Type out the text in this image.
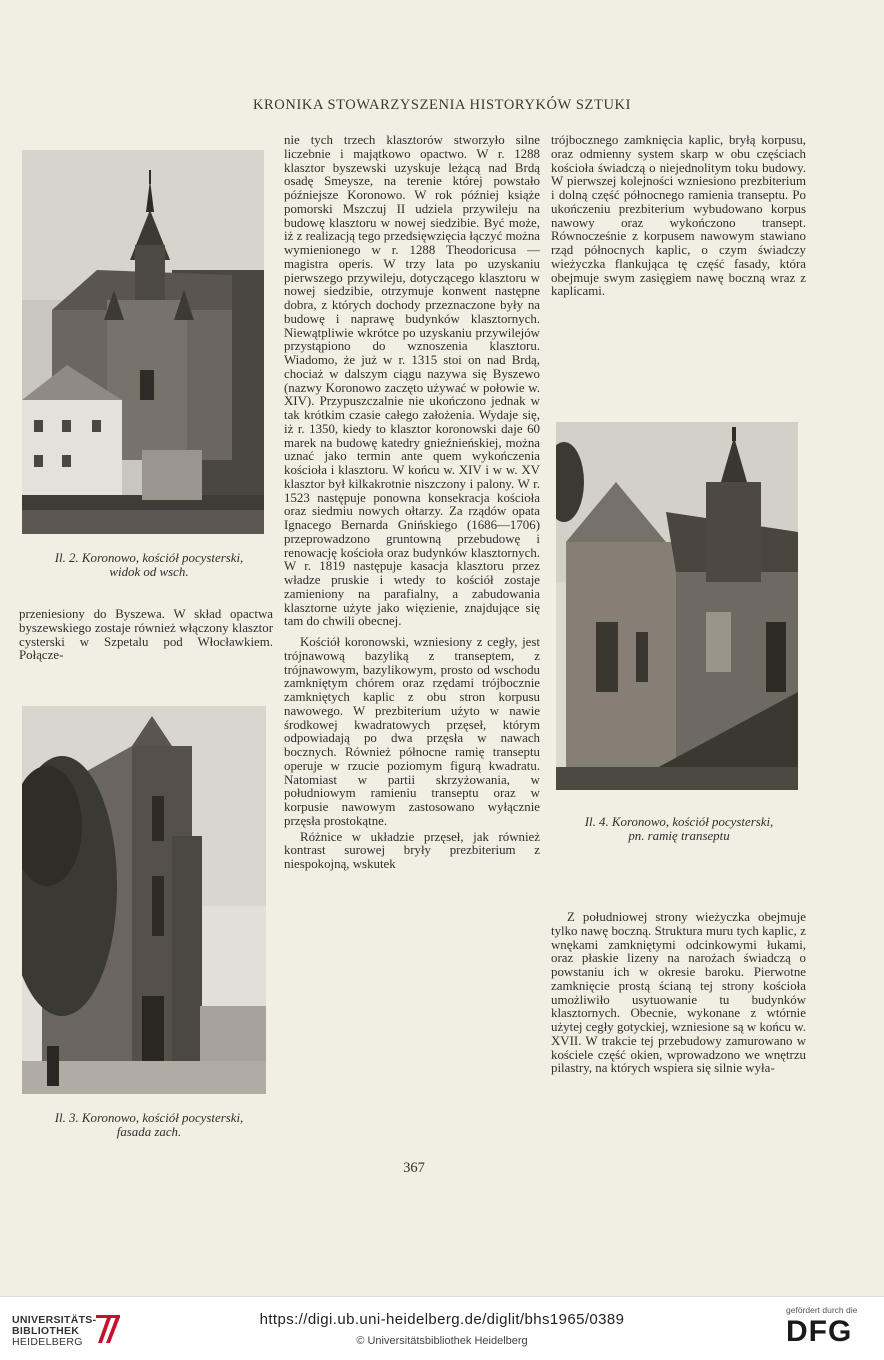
KRONIKA STOWARZYSZENIA HISTORYKÓW SZTUKI
Il. 2. Koronowo, kościół pocysterski,
widok od wsch.

przeniesiony do Byszewa. W skład opactwa byszewskiego zostaje również włączony klasztor cysterski w Szpetalu pod Włocławkiem. Połącze-

Il. 3. Koronowo, kościół pocysterski,
fasada zach.

nie tych trzech klasztorów stworzyło silne liczebnie i majątkowo opactwo. W r. 1288 klasztor byszewski uzyskuje leżącą nad Brdą osadę Smeysze, na terenie której powstało późniejsze Koronowo. W rok później książe pomorski Mszczuj II udziela przywileju na budowę klasztoru w nowej siedzibie. Być może, iż z realizacją tego przedsięwzięcia łączyć można wymienionego w r. 1288 Theodoricusa — magistra operis. W trzy lata po uzyskaniu pierwszego przywileju, dotyczącego klasztoru w nowej siedzibie, otrzymuje konwent następne dobra, z których dochody przeznaczone były na budowę i naprawę budynków klasztornych. Niewątpliwie wkrótce po uzyskaniu przywilejów przystąpiono do wznoszenia klasztoru. Wiadomo, że już w r. 1315 stoi on nad Brdą, chociaż w dalszym ciągu nazywa się Byszewo (nazwy Koronowo zaczęto używać w połowie w. XIV). Przypuszczalnie nie ukończono jednak w tak krótkim czasie całego założenia. Wydaje się, iż r. 1350, kiedy to klasztor koronowski daje 60 marek na budowę katedry gnieźnieńskiej, można uznać jako termin ante quem wykończenia kościoła i klasztoru. W końcu w. XIV i w w. XV klasztor był kilkakrotnie niszczony i palony. W r. 1523 następuje ponowna konsekracja kościoła oraz siedmiu nowych ołtarzy. Za rządów opata Ignacego Bernarda Gnińskiego (1686—1706) przeprowadzono gruntowną przebudowę i renowację kościoła oraz budynków klasztornych. W r. 1819 następuje kasacja klasztoru przez władze pruskie i wtedy to kościół zostaje zamieniony na parafialny, a zabudowania klasztorne użyte jako więzienie, znajdujące się tam do chwili obecnej.

Kościół koronowski, wzniesiony z cegły, jest trójnawową bazyliką z transeptem, z trójnawowym, bazylikowym, prosto od wschodu zamkniętym chórem oraz rzędami trójbocznie zamkniętych kaplic z obu stron korpusu nawowego. W prezbiterium użyto w nawie środkowej kwadratowych przęseł, którym odpowiadają po dwa przęsła w nawach bocznych. Również północne ramię transeptu operuje w rzucie poziomym figurą kwadratu. Natomiast w partii skrzyżowania, w południowym ramieniu transeptu oraz w korpusie nawowym zastosowano wyłącznie przęsła prostokątne.

Różnice w układzie przęseł, jak również kontrast surowej bryły prezbiterium z niespokojną, wskutek

trójbocznego zamknięcia kaplic, bryłą korpusu, oraz odmienny system skarp w obu częściach kościoła świadczą o niejednolitym toku budowy. W pierwszej kolejności wzniesiono prezbiterium i dolną część północnego ramienia transeptu. Po ukończeniu prezbiterium wybudowano korpus nawowy oraz wykończono transept. Równocześnie z korpusem nawowym stawiano rząd północnych kaplic, o czym świadczy wieżyczka flankująca tę część fasady, która obejmuje swym zasięgiem nawę boczną wraz z kaplicami.

Il. 4. Koronowo, kościół pocysterski,
pn. ramię transeptu

Z południowej strony wieżyczka obejmuje tylko nawę boczną. Struktura muru tych kaplic, z wnękami zamkniętymi odcinkowymi łukami, oraz płaskie lizeny na narożach świadczą o powstaniu ich w okresie baroku. Pierwotne zamknięcie prostą ścianą tej strony kościoła umożliwiło usytuowanie tu budynków klasztornych. Obecnie, wykonane z wtórnie użytej cegły gotyckiej, wzniesione są w końcu w. XVII. W trakcie tej przebudowy zamurowano w kościele część okien, wprowadzono we wnętrzu pilastry, na których wspiera się silnie wyła-

367
UNIVERSITÄTS-
BIBLIOTHEK
HEIDELBERG
https://digi.ub.uni-heidelberg.de/diglit/bhs1965/0389
© Universitätsbibliothek Heidelberg
gefördert durch die
DFG
